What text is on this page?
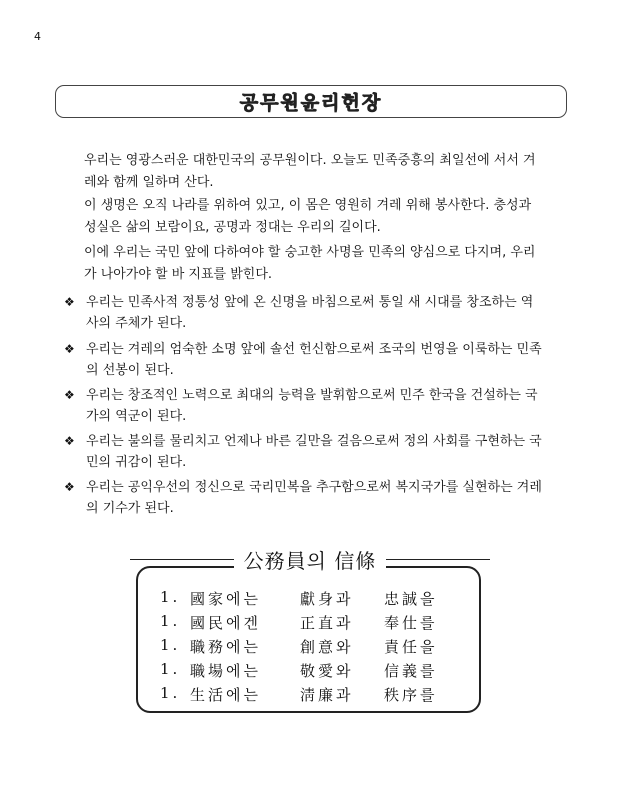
4
공무원윤리헌장

우리는 영광스러운 대한민국의 공무원이다. 오늘도 민족중흥의 최일선에 서서 겨레와 함께 일하며 산다.

이 생명은 오직 나라를 위하여 있고, 이 몸은 영원히 겨레 위해 봉사한다. 충성과 성실은 삶의 보람이요, 공명과 정대는 우리의 길이다.

이에 우리는 국민 앞에 다하여야 할 숭고한 사명을 민족의 양심으로 다지며, 우리가 나아가야 할 바 지표를 밝힌다.

❖ 우리는 민족사적 정통성 앞에 온 신명을 바침으로써 통일 새 시대를 창조하는 역사의 주체가 된다.
❖ 우리는 겨레의 엄숙한 소명 앞에 솔선 헌신함으로써 조국의 번영을 이룩하는 민족의 선봉이 된다.
❖ 우리는 창조적인 노력으로 최대의 능력을 발휘함으로써 민주 한국을 건설하는 국가의 역군이 된다.
❖ 우리는 불의를 물리치고 언제나 바른 길만을 걸음으로써 정의 사회를 구현하는 국민의 귀감이 된다.
❖ 우리는 공익우선의 정신으로 국리민복을 추구함으로써 복지국가를 실현하는 겨레의 기수가 된다.
1. 國家에는	獻身과 忠誠을
1. 國民에겐	正直과 奉仕를
1. 職務에는	創意와 責任을
1. 職場에는	敬愛와 信義를
1. 生活에는	淸廉과 秩序를
公務員의 信條
